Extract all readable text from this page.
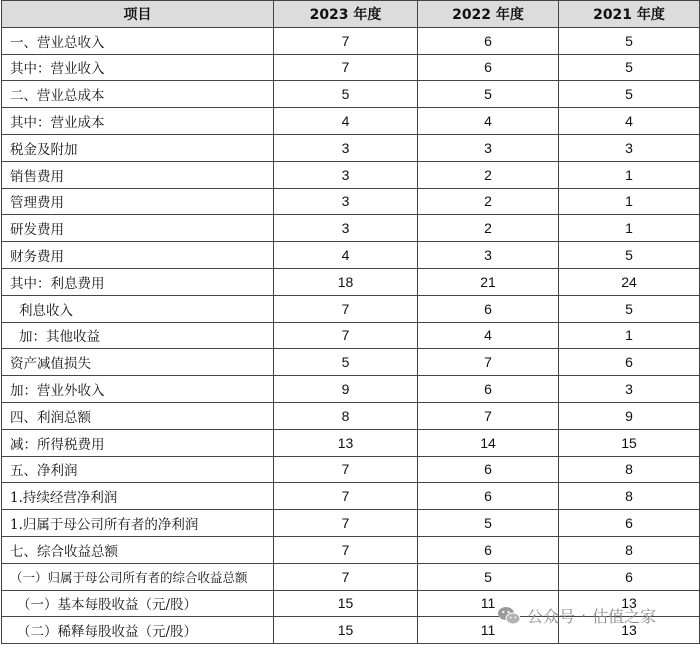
项目	2023 年度	2022 年度	2021 年度
一、营业总收入	7	6	5
其中：营业收入	7	6	5
二、营业总成本	5	5	5
其中：营业成本	4	4	4
税金及附加	3	3	3
销售费用	3	2	1
管理费用	3	2	1
研发费用	3	2	1
财务费用	4	3	5
其中：利息费用	18	21	24
利息收入	7	6	5
加：其他收益	7	4	1
资产减值损失	5	7	6
加：营业外收入	9	6	3
四、利润总额	8	7	9
减：所得税费用	13	14	15
五、净利润	7	6	8
1.持续经营净利润	7	6	8
1.归属于母公司所有者的净利润	7	5	6
七、综合收益总额	7	6	8
（一）归属于母公司所有者的综合收益总额	7	5	6
（一）基本每股收益（元/股）	15	11	13
（二）稀释每股收益（元/股）	15	11	13
公众号 · 估值之家
